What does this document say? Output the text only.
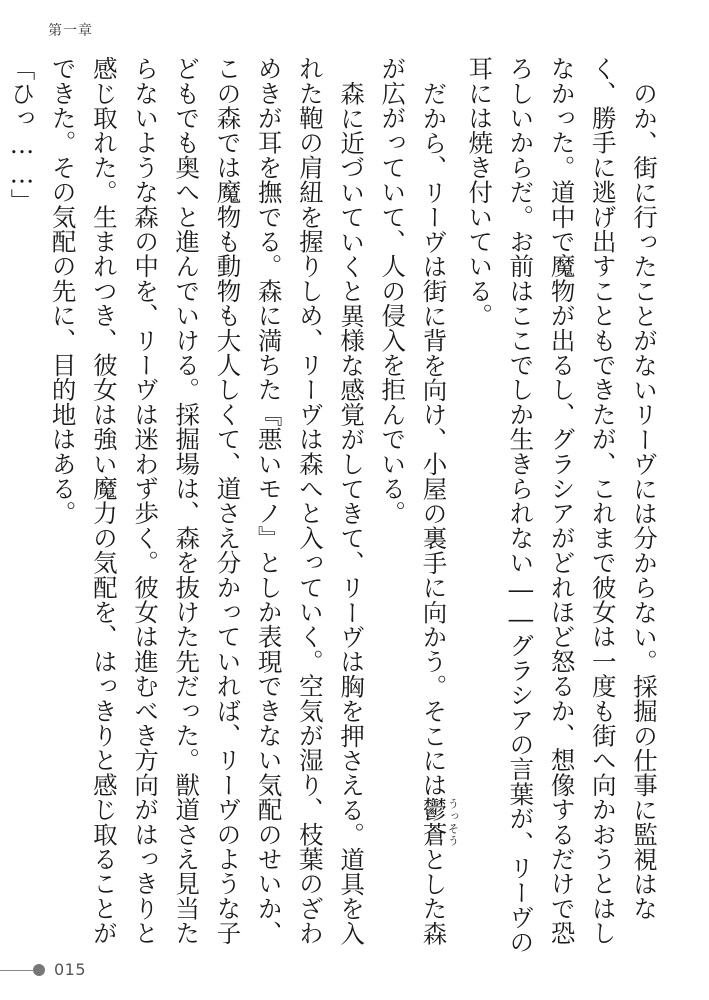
第一章

のか、街に行ったことがないリーヴには分からない。採掘の仕事に監視はなく、勝手に逃げ出すこともできたが、これまで彼女は一度も街へ向かおうとはしなかった。道中で魔物が出るし、グラシアがどれほど怒るか、想像するだけで恐ろしいからだ。お前はここでしか生きられない――グラシアの言葉が、リーヴの耳には焼き付いている。

だから、リーヴは街に背を向け、小屋の裏手に向かう。そこには鬱蒼うっそうとした森が広がっていて、人の侵入を拒んでいる。

森に近づいていくと異様な感覚がしてきて、リーヴは胸を押さえる。道具を入れた鞄の肩紐を握りしめ、リーヴは森へと入っていく。空気が湿り、枝葉のざわめきが耳を撫でる。森に満ちた『悪いモノ』としか表現できない気配のせいか、この森では魔物も動物も大人しくて、道さえ分かっていれば、リーヴのような子どもでも奥へと進んでいける。採掘場は、森を抜けた先だった。獣道さえ見当たらないような森の中を、リーヴは迷わず歩く。彼女は進むべき方向がはっきりと感じ取れた。生まれつき、彼女は強い魔力の気配を、はっきりと感じ取ることができた。その気配の先に、目的地はある。

「ひっ……」

015
